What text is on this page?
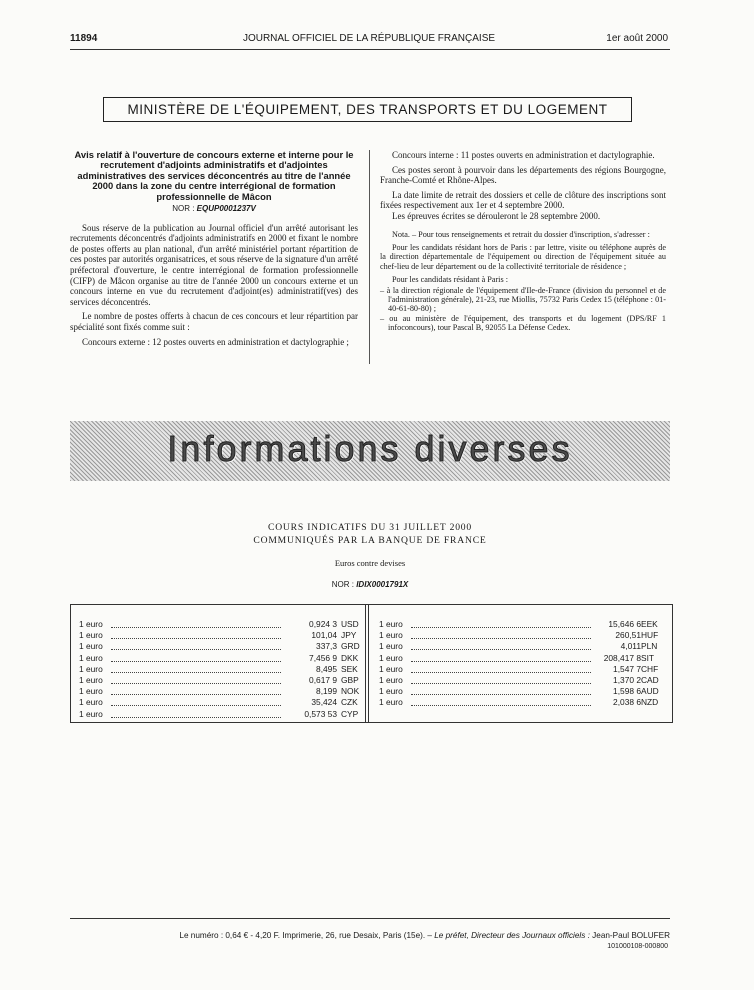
11894	JOURNAL OFFICIEL DE LA RÉPUBLIQUE FRANÇAISE	1er août 2000
MINISTÈRE DE L'ÉQUIPEMENT, DES TRANSPORTS ET DU LOGEMENT
Avis relatif à l'ouverture de concours externe et interne pour le recrutement d'adjoints administratifs et d'adjointes administratives des services déconcentrés au titre de l'année 2000 dans la zone du centre interrégional de formation professionnelle de Mâcon
NOR : EQUP0001237V

Sous réserve de la publication au Journal officiel d'un arrêté autorisant les recrutements déconcentrés d'adjoints administratifs en 2000 et fixant le nombre de postes offerts au plan national, d'un arrêté ministériel portant répartition de ces postes par autorités organisatrices, et sous réserve de la signature d'un arrêté préfectoral d'ouverture, le centre interrégional de formation professionnelle (CIFP) de Mâcon organise au titre de l'année 2000 un concours externe et un concours interne en vue du recrutement d'adjoint(es) administratif(ves) des services déconcentrés.

Le nombre de postes offerts à chacun de ces concours et leur répartition par spécialité sont fixés comme suit :

Concours externe : 12 postes ouverts en administration et dactylographie ;

Concours interne : 11 postes ouverts en administration et dactylographie.

Ces postes seront à pourvoir dans les départements des régions Bourgogne, Franche-Comté et Rhône-Alpes.

La date limite de retrait des dossiers et celle de clôture des inscriptions sont fixées respectivement aux 1er et 4 septembre 2000.

Les épreuves écrites se dérouleront le 28 septembre 2000.

Nota. – Pour tous renseignements et retrait du dossier d'inscription, s'adresser :

Pour les candidats résidant hors de Paris : par lettre, visite ou téléphone auprès de la direction départementale de l'équipement ou direction de l'équipement située au chef-lieu de leur département ou de la collectivité territoriale de résidence ;

Pour les candidats résidant à Paris :

– à la direction régionale de l'équipement d'Ile-de-France (division du personnel et de l'administration générale), 21-23, rue Miollis, 75732 Paris Cedex 15 (téléphone : 01-40-61-80-80) ;
– ou au ministère de l'équipement, des transports et du logement (DPS/RF 1 infoconcours), tour Pascal B, 92055 La Défense Cedex.
Informations diverses
COURS INDICATIFS DU 31 JUILLET 2000
COMMUNIQUÉS PAR LA BANQUE DE FRANCE
Euros contre devises
NOR : IDIX0001791X
1 euro	0,924 3 USD
1 euro	101,04 JPY
1 euro	337,3 GRD
1 euro	7,456 9 DKK
1 euro	8,495 SEK
1 euro	0,617 9 GBP
1 euro	8,199 NOK
1 euro	35,424 CZK
1 euro	0,573 53 CYP
1 euro	15,646 6 EEK
1 euro	260,51 HUF
1 euro	4,011 PLN
1 euro	208,417 8 SIT
1 euro	1,547 7 CHF
1 euro	1,370 2 CAD
1 euro	1,598 6 AUD
1 euro	2,038 6 NZD
Le numéro : 0,64 € - 4,20 F. Imprimerie, 26, rue Desaix, Paris (15e). – Le préfet, Directeur des Journaux officiels : Jean-Paul BOLUFER
101000108-000800
